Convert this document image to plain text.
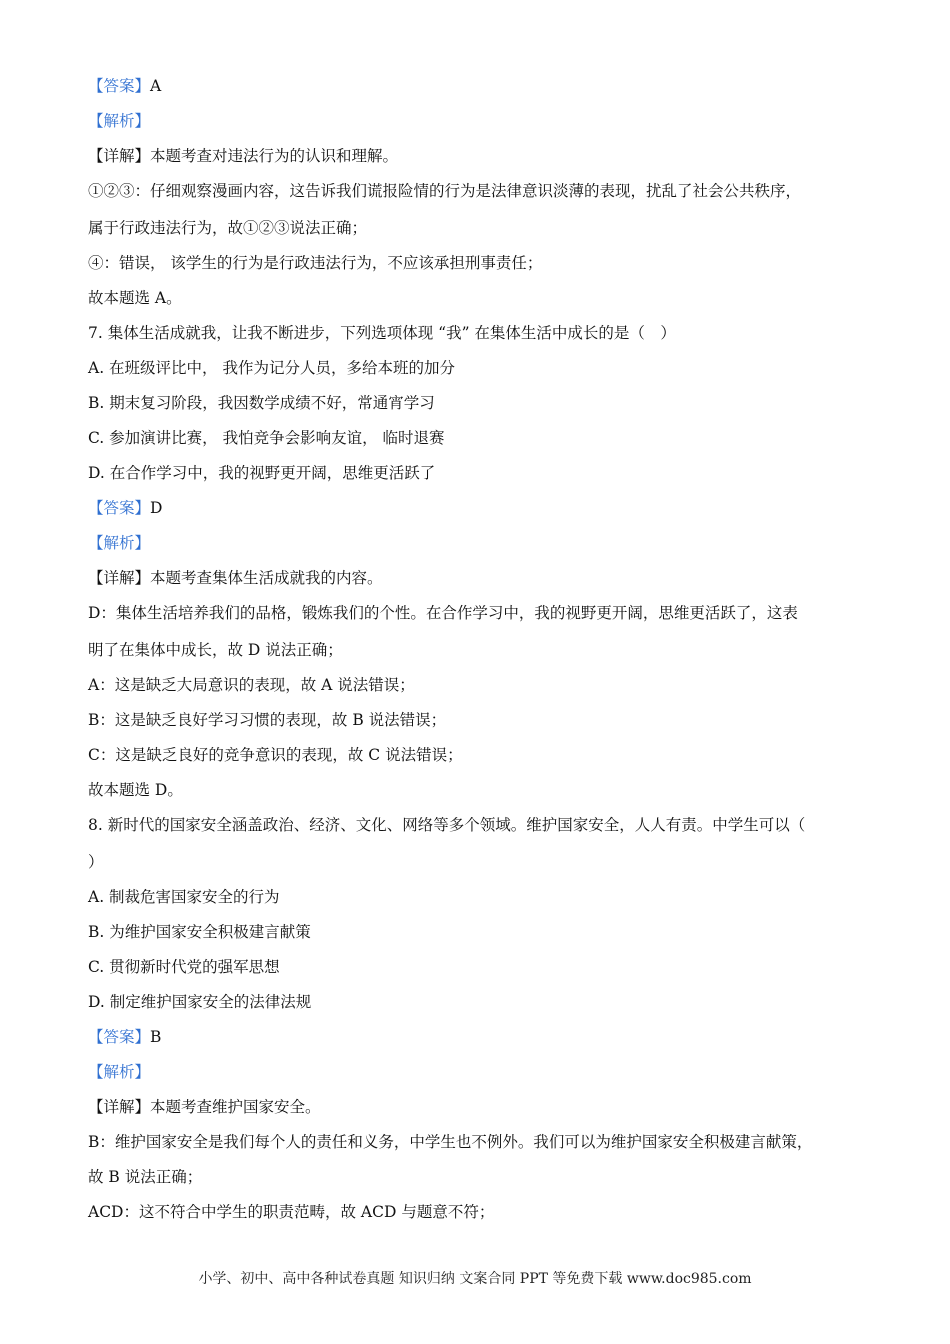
【答案】A
【解析】
【详解】本题考查对违法行为的认识和理解。
①②③：仔细观察漫画内容，这告诉我们谎报险情的行为是法律意识淡薄的表现，扰乱了社会公共秩序，
属于行政违法行为，故①②③说法正确；
④：错误， 该学生的行为是行政违法行为，不应该承担刑事责任；
故本题选 A。
7. 集体生活成就我，让我不断进步，下列选项体现 “我” 在集体生活中成长的是（　）
A. 在班级评比中， 我作为记分人员，多给本班的加分
B. 期末复习阶段，我因数学成绩不好，常通宵学习
C. 参加演讲比赛， 我怕竞争会影响友谊， 临时退赛
D. 在合作学习中，我的视野更开阔，思维更活跃了
【答案】D
【解析】
【详解】本题考查集体生活成就我的内容。
D：集体生活培养我们的品格，锻炼我们的个性。在合作学习中，我的视野更开阔，思维更活跃了，这表
明了在集体中成长，故 D 说法正确；
A：这是缺乏大局意识的表现，故 A 说法错误；
B：这是缺乏良好学习习惯的表现，故 B 说法错误；
C：这是缺乏良好的竞争意识的表现，故 C 说法错误；
故本题选 D。
8. 新时代的国家安全涵盖政治、经济、文化、网络等多个领域。维护国家安全，人人有责。中学生可以（
）
A. 制裁危害国家安全的行为
B. 为维护国家安全积极建言献策
C. 贯彻新时代党的强军思想
D. 制定维护国家安全的法律法规
【答案】B
【解析】
【详解】本题考查维护国家安全。
B：维护国家安全是我们每个人的责任和义务，中学生也不例外。我们可以为维护国家安全积极建言献策，
故 B 说法正确；
ACD：这不符合中学生的职责范畴，故 ACD 与题意不符；
小学、初中、高中各种试卷真题 知识归纳 文案合同 PPT 等免费下载 www.doc985.com
